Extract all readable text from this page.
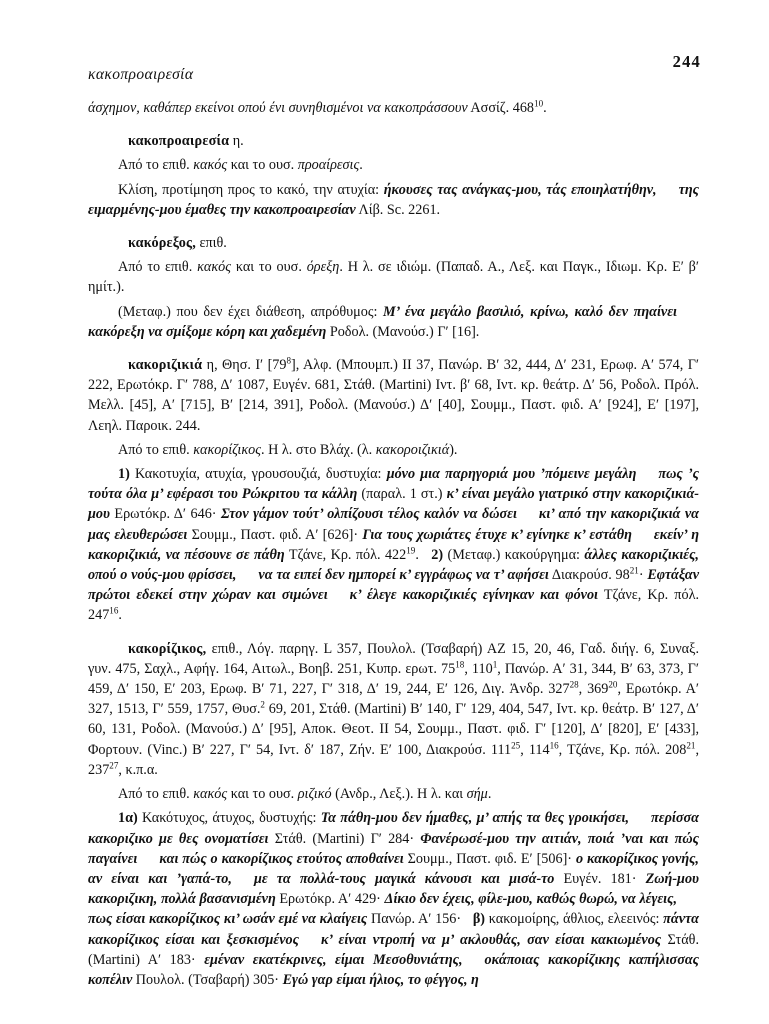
κακοπροαιρεσία
244

άσχημον, καθάπερ εκείνοι οπού ένι συνηθισμένοι να κακοπράσσουν Ασσίζ. $468^{10}$.

κακοπροαιρεσία η.

Από το επιθ. κακός και το ουσ. προαίρεσις.

Κλίση, προτίμηση προς το κακό, την ατυχία: ήκουσες τας ανάγκας-μου, τάς εποιηλατήθην, της ειμαρμένης-μου έμαθες την κακοπροαιρεσίαν Λίβ. Sc. 2261.

κακόρεξος, επιθ.

Από το επιθ. κακός και το ουσ. όρεξη. Η λ. σε ιδιώμ. (Παπαδ. Α., Λεξ. και Παγκ., Ιδιωμ. Κρ. Ε′ β′ ημίτ.).

(Μεταφ.) που δεν έχει διάθεση, απρόθυμος: Μ’ ένα μεγάλο βασιλιό, κρίνω, καλό δεν πηαίνεικακόρεξη να σμίξομε κόρη και χαδεμένη Ροδολ. (Μανούσ.) Γ′ [16].

κακοριζικιά η, Θησ. Ι′ $[79^8]$, Αλφ. (Μπουμπ.) ΙΙ 37, Πανώρ. Β′ 32, 444, Δ′ 231, Ερωφ. Α′ 574, Γ′ 222, Ερωτόκρ. Γ′ 788, Δ′ 1087, Ευγέν. 681, Στάθ. (Martini) Ιντ. β′ 68, Ιντ. κρ. θεάτρ. Δ′ 56, Ροδολ. Πρόλ. Μελλ. [45], Α′ [715], Β′ [214, 391], Ροδολ. (Μανούσ.) Δ′ [40], Σουμμ., Παστ. φιδ. Α′ [924], Ε′ [197], Λεηλ. Παροικ. 244.

Από το επιθ. κακορίζικος. Η λ. στο Βλάχ. (λ. κακοροιζικιά).

1) Κακοτυχία, ατυχία, γρουσουζιά, δυστυχία: μόνο μια παρηγοριά μου ’πόμεινε μεγάλη πως ’ς τούτα όλα μ’ εφέρασι του Ρώκριτου τα κάλλη (παραλ. 1 στ.) κ’ είναι μεγάλο γιατρικό στην κακοριζικιά-μου Ερωτόκρ. Δ′ 646· Στον γάμον τούτ’ ολπίζουσι τέλος καλόν να δώσει κι’ από την κακοριζικιά να μας ελευθερώσει Σουμμ., Παστ. φιδ. Α′ [626]· Για τους χωριάτες έτυχε κ’ εγίνηκε κ’ εστάθη εκείν’ η κακοριζικιά, να πέσουνε σε πάθη Τζάνε, Κρ. πόλ. $422^{19}$. 2) (Μεταφ.) κακούργημα: άλλες κακοριζικιές, οπού ο νούς-μου φρίσσει, να τα ειπεί δεν ημπορεί κ’ εγγράφως να τ’ αφήσει Διακρούσ. $98^{21}\cdot E\varphi\tau ά\xi\alpha\nu$ πρώτοι εδεκεί στην χώραν και σιμώνει κ’ έλεγε κακοριζικιές εγίνηκαν και φόνοι Τζάνε, Κρ. πόλ. $247^{16}$.

κακορίζικος, επιθ., Λόγ. παρηγ. L 357, Πουλολ. (Τσαβαρή) ΑΖ 15, 20, 46, Γαδ. διήγ. 6, Συναξ. γυν. 475, Σαχλ., Αφήγ. 164, Αιτωλ., Βοηβ. 251, Κυπρ. ερωτ. $75^{18}$, $110^1$, Πανώρ. Α′ 31, 344, Β′ 63, 373, Γ′ 459, Δ′ 150, Ε′ 203, Ερωφ. Β′ 71, 227, Γ′ 318, Δ′ 19, 244, Ε′ 126, Διγ. Ἀνδρ. $327^{28}$, $369^{20}$, Ερωτόκρ. Α′ 327, 1513, Γ′ 559, 1757, Θυσ.$^2$ 69, 201, Στάθ. (Martini) Β′ 140, Γ′ 129, 404, 547, Ιντ. κρ. θεάτρ. Β′ 127, Δ′ 60, 131, Ροδολ. (Μανούσ.) Δ′ [95], Αποκ. Θεοτ. ΙΙ 54, Σουμμ., Παστ. φιδ. Γ′ [120], Δ′ [820], Ε′ [433], Φορτουν. (Vinc.) Β′ 227, Γ′ 54, Ιντ. δ′ 187, Ζήν. Ε′ 100, Διακρούσ. $111^{25}$, $114^{16}$, Τζάνε, Κρ. πόλ. $208^{21}$, $237^{27}$, κ.π.α.

Από το επιθ. κακός και το ουσ. ριζικό (Ανδρ., Λεξ.). Η λ. και σήμ.

1α) Κακότυχος, άτυχος, δυστυχής: Τα πάθη-μου δεν ήμαθες, μ’ απής τα θες γροικήσει, περίσσα κακοριζικο με θες ονοματίσει Στάθ. (Martini) Γ′ 284· Φανέρωσέ-μου την αιτιάν, ποιά ’ναι και πώς παγαίνει και πώς ο κακορίζικος ετούτος αποθαίνει Σουμμ., Παστ. φιδ. Ε′ [506]· ο κακορίζικος γονής, αν είναι και ’γαπά-το, με τα πολλά-τους μαγικά κάνουσι και μισά-το Ευγέν. 181· Ζωή-μου κακοριζικη, πολλά βασανισμένη Ερωτόκρ. Α′ 429· Δίκιο δεν έχεις, φίλε-μου, καθώς θωρώ, να λέγεις,πως είσαι κακορίζικος κι’ ωσάν εμέ να κλαίγεις Πανώρ. Α′ 156· β) κακομοίρης, άθλιος, ελεεινός: πάντα κακορίζικος είσαι και ξεσκισμένος κ’ είναι ντροπή να μ’ ακλουθάς, σαν είσαι κακιωμένος Στάθ. (Martini) Α′ 183· εμέναν εκατέκρινες, είμαι Μεσοθυνιάτης, οκάποιας κακορίζικης καπήλισσας κοπέλιν Πουλολ. (Τσαβαρή) 305· Εγώ γαρ είμαι ήλιος, το φέγγος, η
